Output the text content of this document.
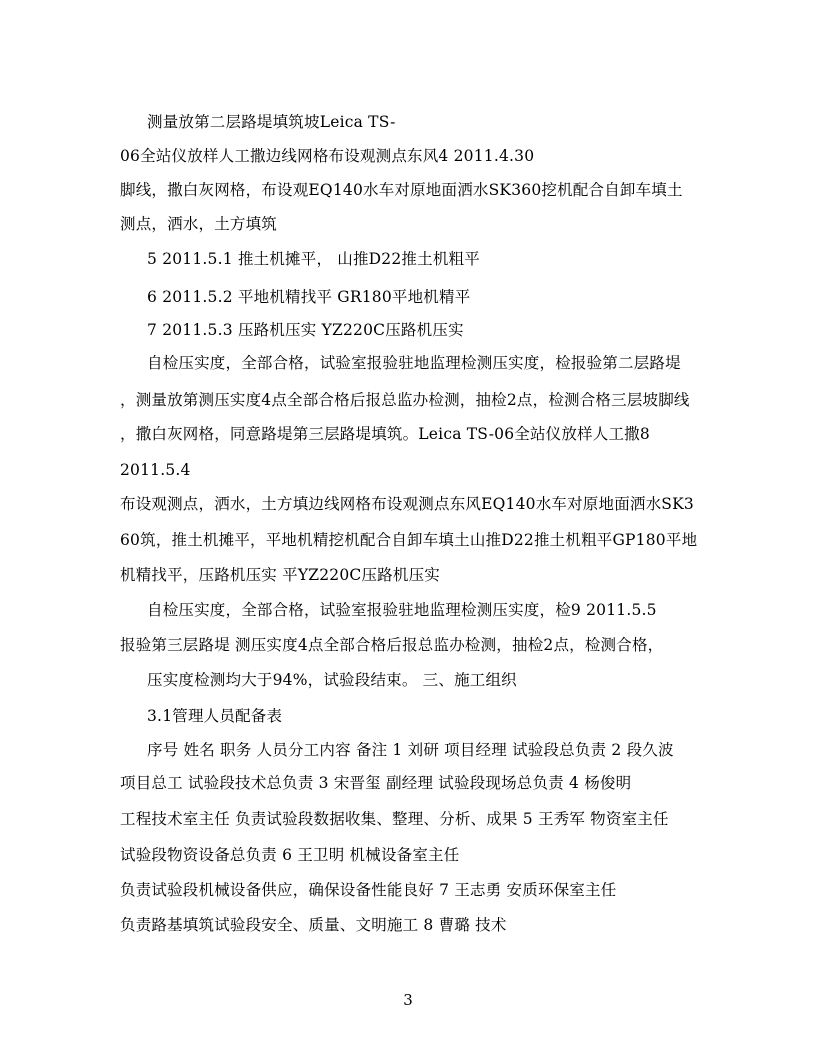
测量放第二层路堤填筑坡Leica TS-
06全站仪放样人工撒边线网格布设观测点东风4 2011.4.30
脚线，撒白灰网格，布设观EQ140水车对原地面洒水SK360挖机配合自卸车填土
测点，洒水，土方填筑
5 2011.5.1 推土机摊平， 山推D22推土机粗平
6 2011.5.2 平地机精找平 GR180平地机精平
7 2011.5.3 压路机压实 YZ220C压路机压实
自检压实度，全部合格，试验室报验驻地监理检测压实度，检报验第二层路堤
，测量放第测压实度4点全部合格后报总监办检测，抽检2点，检测合格三层坡脚线
，撒白灰网格，同意路堤第三层路堤填筑。Leica TS-06全站仪放样人工撒8
2011.5.4
布设观测点，洒水，土方填边线网格布设观测点东风EQ140水车对原地面洒水SK3
60筑，推土机摊平，平地机精挖机配合自卸车填土山推D22推土机粗平GP180平地
机精找平，压路机压实 平YZ220C压路机压实
自检压实度，全部合格，试验室报验驻地监理检测压实度，检9 2011.5.5
报验第三层路堤 测压实度4点全部合格后报总监办检测，抽检2点，检测合格，
压实度检测均大于94%，试验段结束。 三、施工组织
3.1管理人员配备表
序号 姓名 职务 人员分工内容 备注 1 刘研 项目经理 试验段总负责 2 段久波
项目总工 试验段技术总负责 3 宋晋玺 副经理 试验段现场总负责 4 杨俊明
工程技术室主任 负责试验段数据收集、整理、分析、成果 5 王秀军 物资室主任
试验段物资设备总负责 6 王卫明 机械设备室主任
负责试验段机械设备供应，确保设备性能良好 7 王志勇 安质环保室主任
负责路基填筑试验段安全、质量、文明施工 8 曹璐 技术
3
